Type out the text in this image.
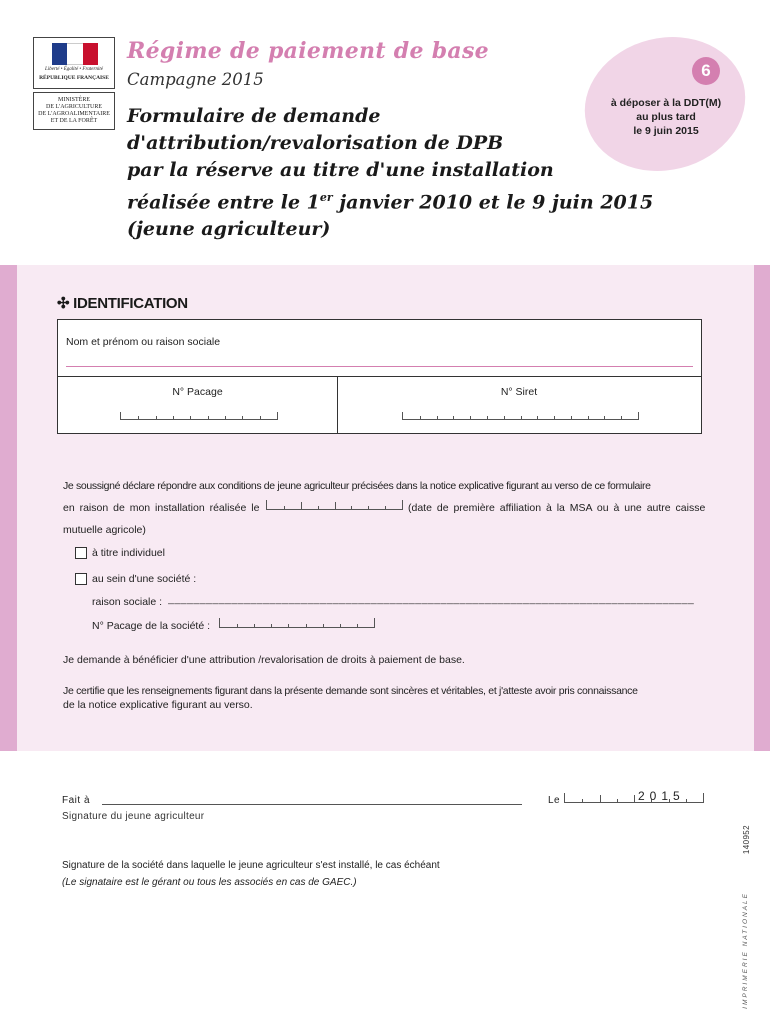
Liberté • Égalité • Fraternité
RÉPUBLIQUE FRANÇAISE
MINISTÈRE
DE L'AGRICULTURE
DE L'AGROALIMENTAIRE
ET DE LA FORÊT
Régime de paiement de base
Campagne 2015	6
à déposer à la DDT(M)
au plus tard
le 9 juin 2015
Formulaire de demande
d'attribution/revalorisation de DPB
par la réserve au titre d'une installation
réalisée entre le 1er janvier 2010 et le 9 juin 2015
(jeune agriculteur)
✣ IDENTIFICATION
Nom et prénom ou raison sociale
N° Pacage	N° Siret
Je soussigné déclare répondre aux conditions de jeune agriculteur précisées dans la notice explicative figurant au verso de ce formulaire
en raison de mon installation réalisée le	(date de première affiliation à la MSA ou à une autre caisse
mutuelle agricole)
à titre individuel
au sein d'une société :
raison sociale : ___________________________________________________________________________________
N° Pacage de la société :
Je demande à bénéficier d'une attribution /revalorisation de droits à paiement de base.
Je certifie que les renseignements figurant dans la présente demande sont sincères et véritables, et j'atteste avoir pris connaissance
de la notice explicative figurant au verso.
Fait à	Le	2015
Signature du jeune agriculteur
Signature de la société dans laquelle le jeune agriculteur s'est installé, le cas échéant
(Le signataire est le gérant ou tous les associés en cas de GAEC.)
140952
IMPRIMERIE NATIONALE
